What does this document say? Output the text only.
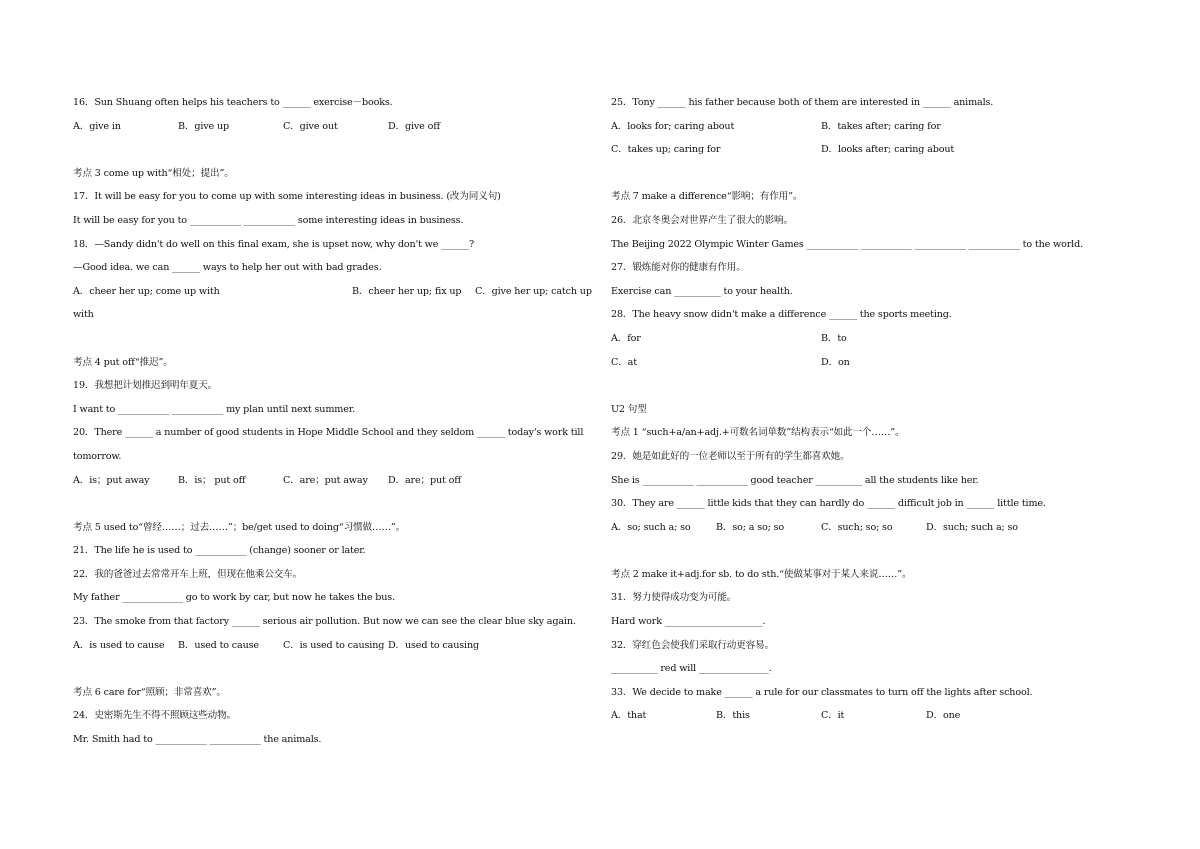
16．Sun Shuang often helps his teachers to ______ exercise－books.
A．give in	B．give up	C．give out	D．give off
考点 3 come up with“相处；提出”。
17．It will be easy for you to come up with some interesting ideas in business. (改为同义句)
It will be easy for you to ___________ ___________ some interesting ideas in business.
18．—Sandy didn't do well on this final exam, she is upset now, why don't we ______?
—Good idea. we can ______ ways to help her out with bad grades.
A．cheer her up; come up with	B．cheer her up; fix up C．give her up; catch up
with
考点 4 put off“推迟”。
19．我想把计划推迟到明年夏天。
I want to ___________ ___________ my plan until next summer.
20．There ______ a number of good students in Hope Middle School and they seldom ______ today's work till
tomorrow.
A．is；put away	B．is； put off	C．are；put away D．are；put off
考点 5 used to“曾经……；过去……”；be/get used to doing“习惯做……”。
21．The life he is used to ___________ (change) sooner or later.
22．我的爸爸过去常常开车上班，但现在他乘公交车。
My father _____________ go to work by car, but now he takes the bus.
23．The smoke from that factory ______ serious air pollution. But now we can see the clear blue sky again.
A．is used to cause B．used to cause	C．is used to causing D．used to causing
考点 6 care for“照顾；非常喜欢”。
24．史密斯先生不得不照顾这些动物。
Mr. Smith had to ___________ ___________ the animals.
25．Tony ______ his father because both of them are interested in ______ animals.
A．looks for; caring about	B．takes after; caring for
C．takes up; caring for	D．looks after; caring about
考点 7 make a difference“影响；有作用”。
26．北京冬奥会对世界产生了很大的影响。
The Beijing 2022 Olympic Winter Games ___________ ___________ ___________ ___________ to the world.
27．锻炼能对你的健康有作用。
Exercise can __________ to your health.
28．The heavy snow didn't make a difference ______ the sports meeting.
A．for	B．to
C．at	D．on
U2 句型
考点 1 “such+a/an+adj.+可数名词单数”结构表示“如此一个……”。
29．她是如此好的一位老师以至于所有的学生都喜欢她。
She is ___________ ___________ good teacher __________ all the students like her.
30．They are ______ little kids that they can hardly do ______ difficult job in ______ little time.
A．so; such a; so	B．so; a so; so	C．such; so; so	D．such; such a; so
考点 2 make it+adj.for sb. to do sth.“使做某事对于某人来说……”。
31．努力使得成功变为可能。
Hard work _____________________.
32．穿红色会使我们采取行动更容易。
__________ red will _______________.
33．We decide to make ______ a rule for our classmates to turn off the lights after school.
A．that	B．this	C．it	D．one
